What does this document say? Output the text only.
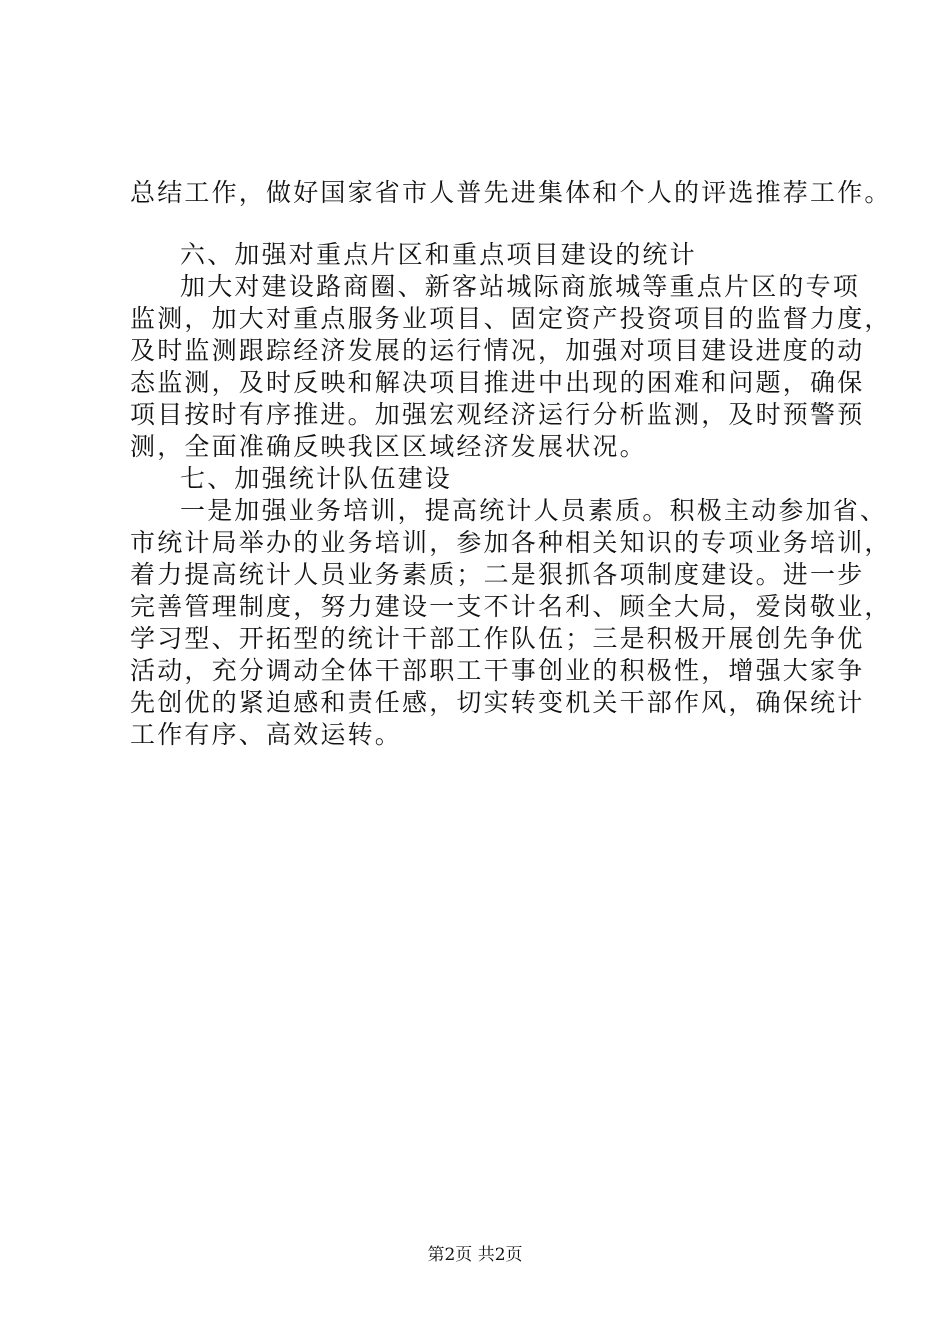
总结工作，做好国家省市人普先进集体和个人的评选推荐工作。
六、加强对重点片区和重点项目建设的统计
加大对建设路商圈、新客站城际商旅城等重点片区的专项
监测，加大对重点服务业项目、固定资产投资项目的监督力度，
及时监测跟踪经济发展的运行情况，加强对项目建设进度的动
态监测，及时反映和解决项目推进中出现的困难和问题，确保
项目按时有序推进。加强宏观经济运行分析监测，及时预警预
测，全面准确反映我区区域经济发展状况。
七、加强统计队伍建设
一是加强业务培训，提高统计人员素质。积极主动参加省、
市统计局举办的业务培训，参加各种相关知识的专项业务培训，
着力提高统计人员业务素质；二是狠抓各项制度建设。进一步
完善管理制度，努力建设一支不计名利、顾全大局，爱岗敬业，
学习型、开拓型的统计干部工作队伍；三是积极开展创先争优
活动，充分调动全体干部职工干事创业的积极性，增强大家争
先创优的紧迫感和责任感，切实转变机关干部作风，确保统计
工作有序、高效运转。
第2页 共2页
